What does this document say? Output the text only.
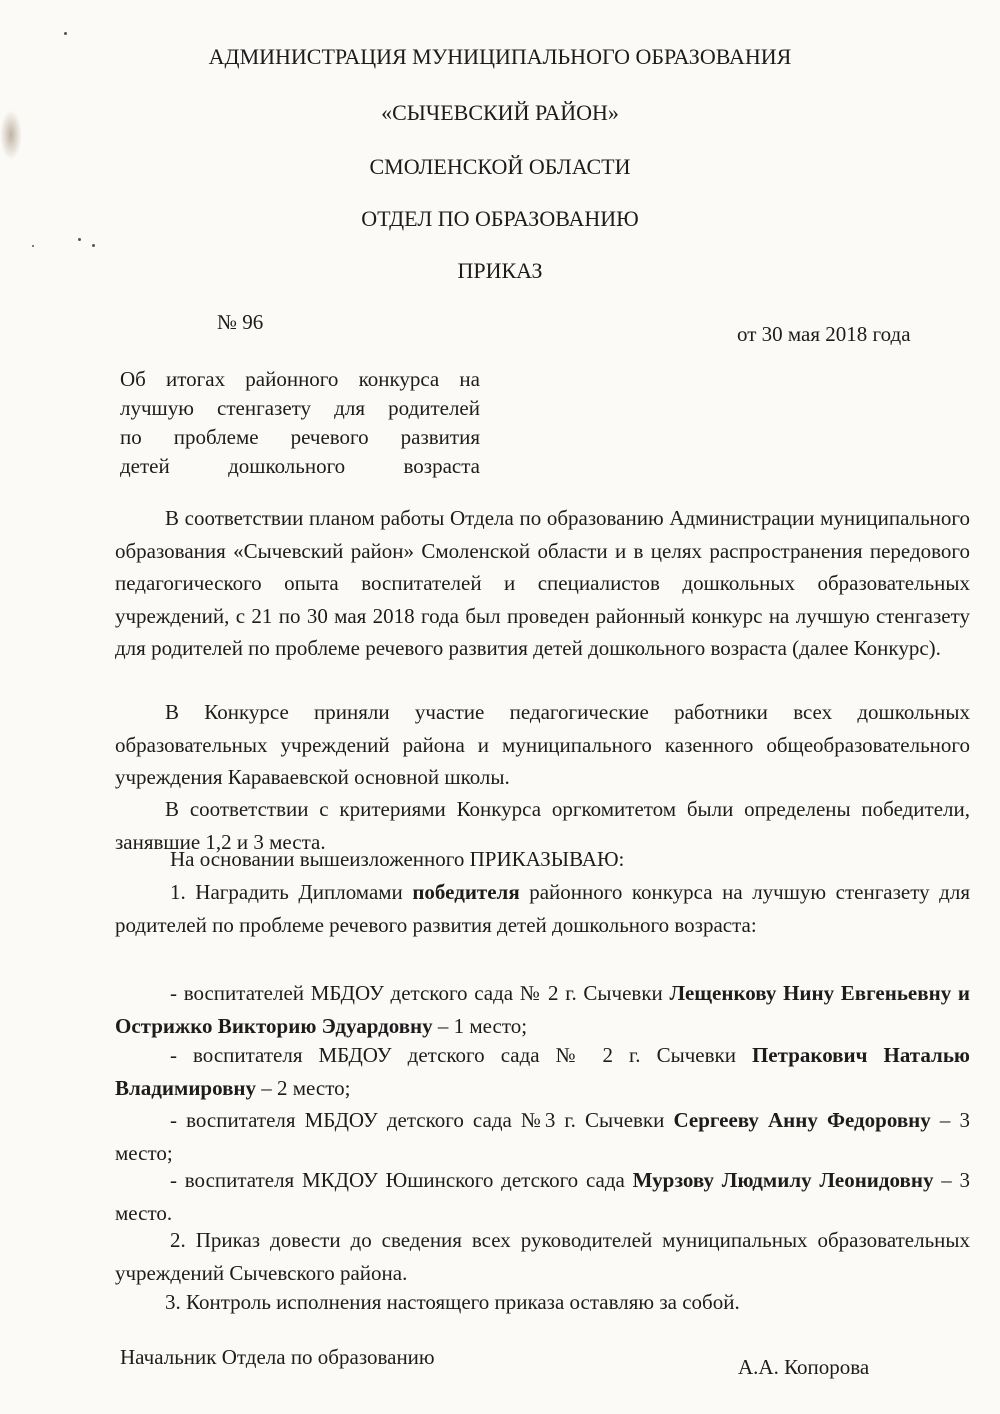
АДМИНИСТРАЦИЯ МУНИЦИПАЛЬНОГО ОБРАЗОВАНИЯ
«СЫЧЕВСКИЙ РАЙОН»
СМОЛЕНСКОЙ ОБЛАСТИ
ОТДЕЛ ПО ОБРАЗОВАНИЮ
ПРИКАЗ

№ 96	от 30 мая 2018 года

Об итогах районного конкурса на
лучшую стенгазету для родителей
по проблеме речевого развития
детей дошкольного возраста

В соответствии планом работы Отдела по образованию Администрации муниципального образования «Сычевский район» Смоленской области и в целях распространения передового педагогического опыта воспитателей и специалистов дошкольных образовательных учреждений, с 21 по 30 мая 2018 года был проведен районный конкурс на лучшую стенгазету для родителей по проблеме речевого развития детей дошкольного возраста (далее Конкурс).

В Конкурсе приняли участие педагогические работники всех дошкольных образовательных учреждений района и муниципального казенного общеобразовательного учреждения Караваевской основной школы.

В соответствии с критериями Конкурса оргкомитетом были определены победители, занявшие 1,2 и 3 места.

На основании вышеизложенного ПРИКАЗЫВАЮ:

1. Наградить Дипломами победителя районного конкурса на лучшую стенгазету для родителей по проблеме речевого развития детей дошкольного возраста:

- воспитателей МБДОУ детского сада № 2 г. Сычевки Лещенкову Нину Евгеньевну и Острижко Викторию Эдуардовну – 1 место;

- воспитателя МБДОУ детского сада № 2 г. Сычевки Петракович Наталью Владимировну – 2 место;

- воспитателя МБДОУ детского сада №3 г. Сычевки Сергееву Анну Федоровну – 3 место;

- воспитателя МКДОУ Юшинского детского сада Мурзову Людмилу Леонидовну – 3 место.

2. Приказ довести до сведения всех руководителей муниципальных образовательных учреждений Сычевского района.

3. Контроль исполнения настоящего приказа оставляю за собой.

Начальник Отдела по образованию	А.А. Копорова
